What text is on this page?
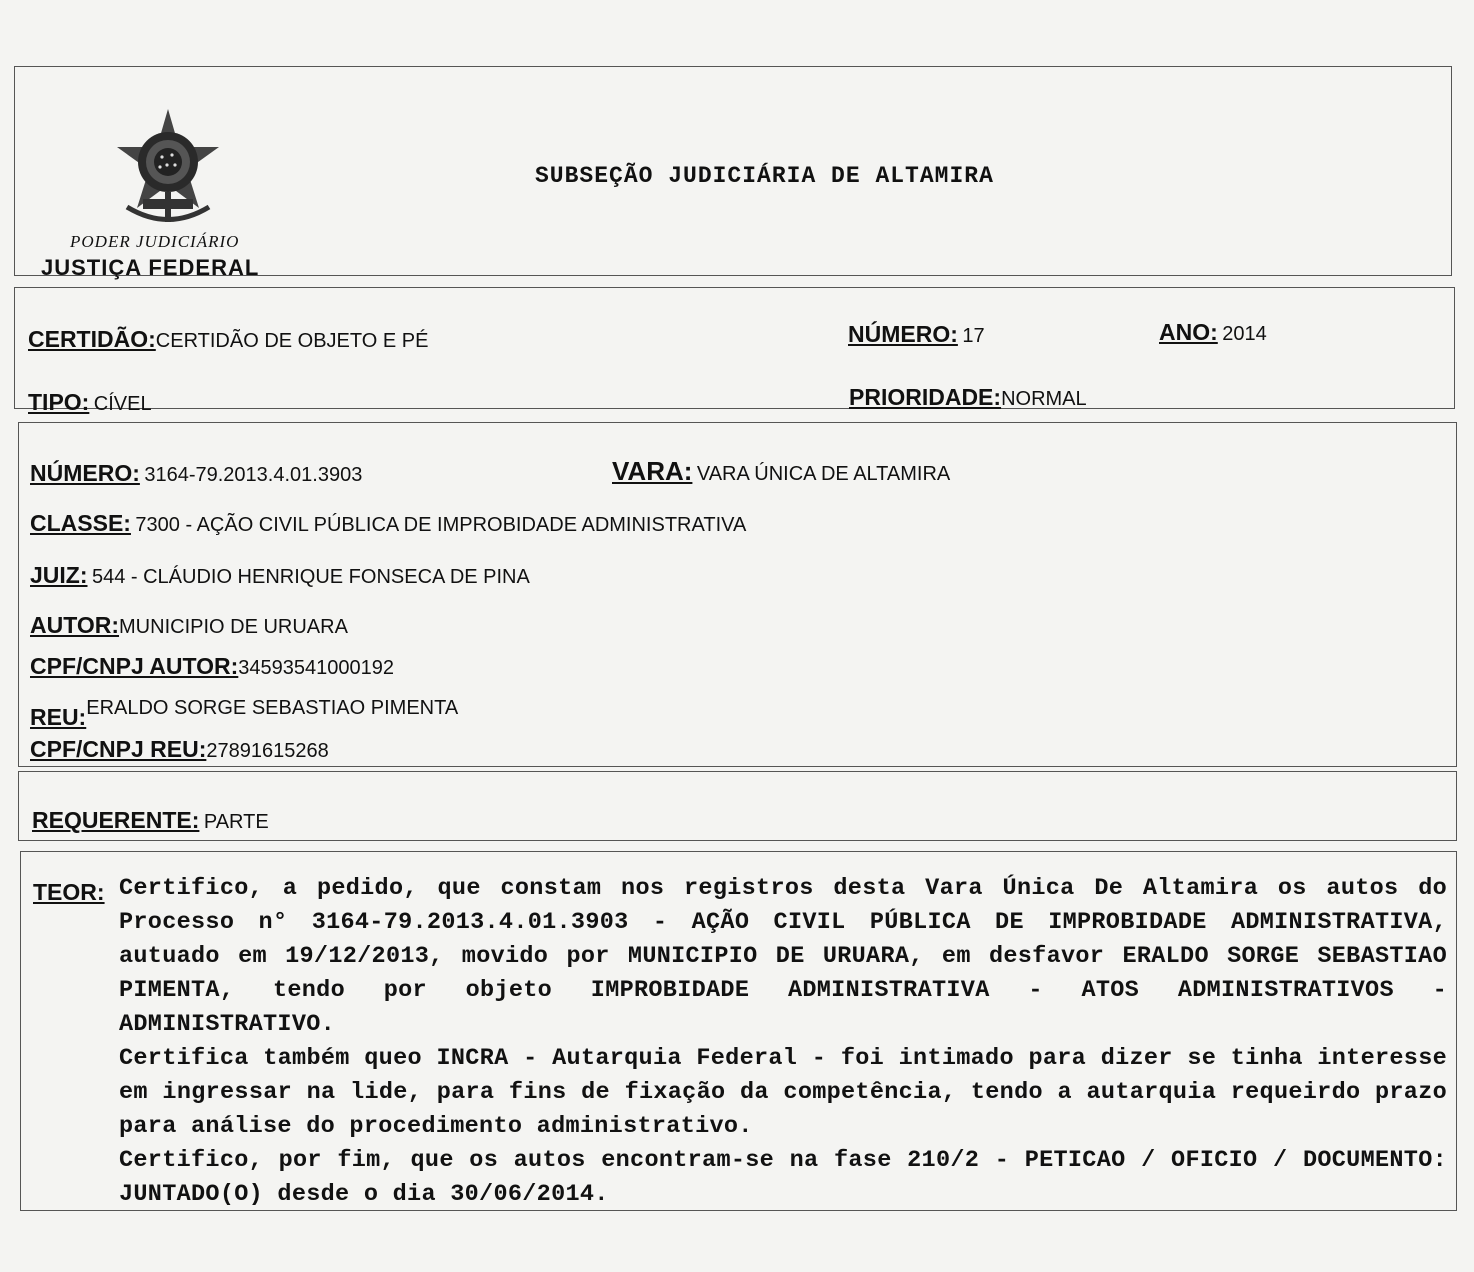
PODER JUDICIÁRIO
JUSTIÇA FEDERAL
SUBSEÇÃO JUDICIÁRIA DE ALTAMIRA
CERTIDÃO:CERTIDÃO DE OBJETO E PÉ	NÚMERO: 17	ANO: 2014
TIPO: CÍVEL	PRIORIDADE:NORMAL
NÚMERO: 3164-79.2013.4.01.3903	VARA: VARA ÚNICA DE ALTAMIRA
CLASSE: 7300 - AÇÃO CIVIL PÚBLICA DE IMPROBIDADE ADMINISTRATIVA
JUIZ: 544 - CLÁUDIO HENRIQUE FONSECA DE PINA
AUTOR:MUNICIPIO DE URUARA
CPF/CNPJ AUTOR:34593541000192
REU:ERALDO SORGE SEBASTIAO PIMENTA
CPF/CNPJ REU:27891615268
REQUERENTE: PARTE
TEOR: Certifico, a pedido, que constam nos registros desta Vara Única De Altamira os autos do Processo n° 3164-79.2013.4.01.3903 - AÇÃO CIVIL PÚBLICA DE IMPROBIDADE ADMINISTRATIVA, autuado em 19/12/2013, movido por MUNICIPIO DE URUARA, em desfavor ERALDO SORGE SEBASTIAO PIMENTA, tendo por objeto IMPROBIDADE ADMINISTRATIVA - ATOS ADMINISTRATIVOS - ADMINISTRATIVO.

Certifica também queo INCRA - Autarquia Federal - foi intimado para dizer se tinha interesse em ingressar na lide, para fins de fixação da competência, tendo a autarquia requeirdo prazo para análise do procedimento administrativo.

Certifico, por fim, que os autos encontram-se na fase 210/2 - PETICAO / OFICIO / DOCUMENTO: JUNTADO(O) desde o dia 30/06/2014.
